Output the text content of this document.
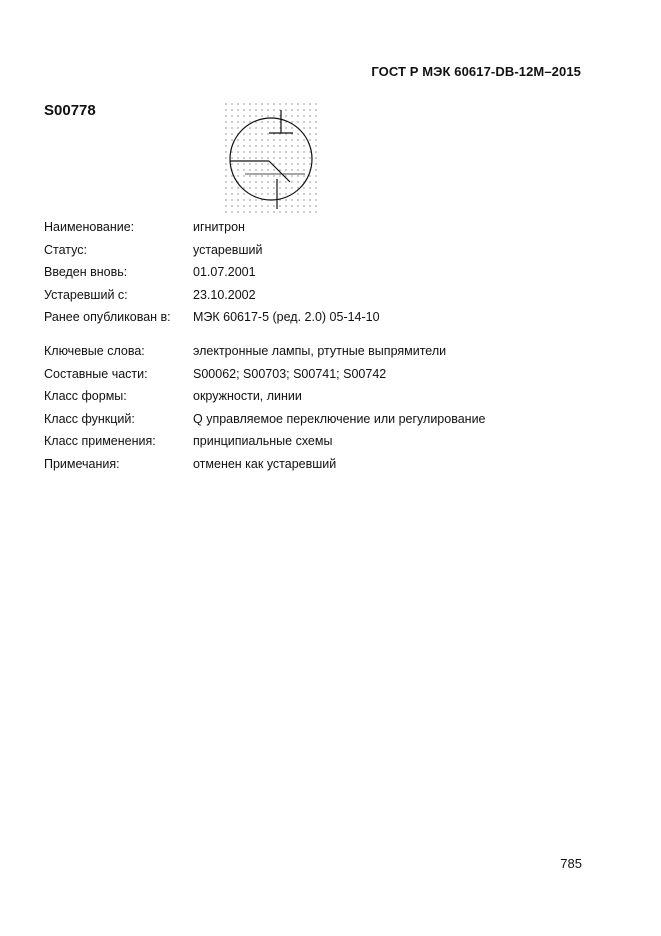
ГОСТ Р МЭК 60617-DB-12M–2015
S00778
Наименование:	игнитрон
Статус:	устаревший
Введен вновь:	01.07.2001
Устаревший с:	23.10.2002
Ранее опубликован в: МЭК 60617-5 (ред. 2.0) 05-14-10
Ключевые слова:	электронные лампы, ртутные выпрямители
Составные части:	S00062; S00703; S00741; S00742
Класс формы:	окружности, линии
Класс функций:	Q управляемое переключение или регулирование
Класс применения:	принципиальные схемы
Примечания:	отменен как устаревший
785
